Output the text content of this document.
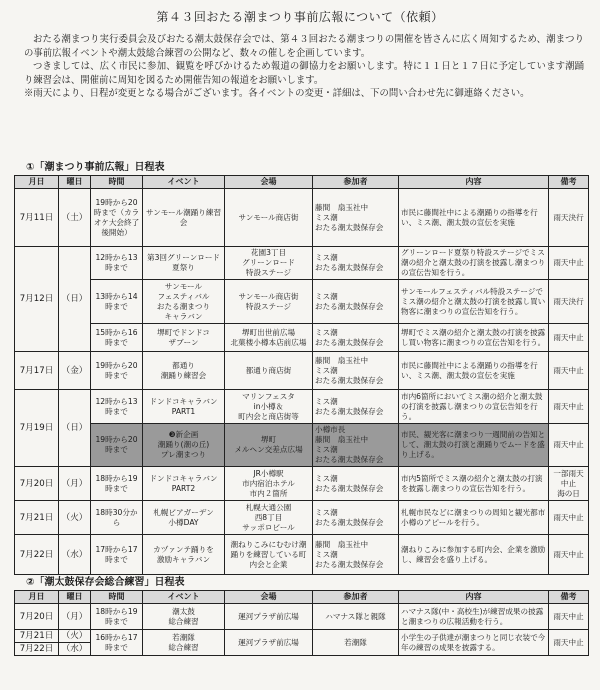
第４３回おたる潮まつり事前広報について（依頼）

おたる潮まつり実行委員会及びおたる潮太鼓保存会では、第４３回おたる潮まつりの開催を皆さんに広く周知するため、潮まつりの事前広報イベントや潮太鼓総合練習の公開など、数々の催しを企画しています。

つきましては、広く市民に参加、観覧を呼びかけるため報道の御協力をお願いします。特に１１日と１７日に予定しています潮踊り練習会は、開催前に周知を図るため開催告知の報道をお願いします。

※雨天により、日程が変更となる場合がございます。各イベントの変更・詳細は、下の問い合わせ先に御連絡ください。

①「潮まつり事前広報」日程表
月日	曜日	時間	イベント	会場	参加者	内容	備考
7月11日	（土）	19時から20時まで（カラオケ大会終了後開始）	サンモール潮踊り練習会	サンモール商店街	藤間　扇玉社中
ミス潮
おたる潮太鼓保存会	市民に藤間社中による潮踊りの指導を行い、ミス潮、潮太鼓の宣伝を実施	雨天決行
7月12日	（日）	12時から13時まで	第3回グリーンロード夏祭り	花園3丁目
グリーンロード
特設ステージ	ミス潮
おたる潮太鼓保存会	グリーンロード夏祭り特設ステージでミス潮の紹介と潮太鼓の打演を披露し潮まつりの宣伝告知を行う。	雨天中止
		13時から14時まで	サンモール
フェスティバル
おたる潮まつり
キャラバン	サンモール商店街
特設ステージ	ミス潮
おたる潮太鼓保存会	サンモールフェスティバル特設ステージでミス潮の紹介と潮太鼓の打演を披露し買い物客に潮まつりの宣伝告知を行う。	雨天決行
		15時から16時まで	堺町でドンドコ
ザブーン	堺町出世前広場
北菓楼小樽本店前広場	ミス潮
おたる潮太鼓保存会	堺町でミス潮の紹介と潮太鼓の打演を披露し買い物客に潮まつりの宣伝告知を行う。	雨天中止
7月17日	（金）	19時から20時まで	都通り
潮踊り練習会	都通り商店街	藤間　扇玉社中
ミス潮
おたる潮太鼓保存会	市民に藤間社中による潮踊りの指導を行い、ミス潮、潮太鼓の宣伝を実施	雨天中止
7月19日	（日）	12時から13時まで	ドンドコキャラバン
PART1	マリンフェスタ
in小樽＆
町内会と商店街等	ミス潮
おたる潮太鼓保存会	市内6箇所においてミス潮の紹介と潮太鼓の打演を披露し潮まつりの宣伝告知を行う。	雨天中止
		19時から20時まで	❸新企画
潮踊り(潮の丘)
プレ潮まつり	堺町
メルヘン交差点広場	小樽市長
藤間　扇玉社中
ミス潮
おたる潮太鼓保存会	市民、観光客に潮まつり一週間前の告知として、潮太鼓の打演と潮踊りでムードを盛り上げる。	雨天中止
7月20日	（月）	18時から19時まで	ドンドコキャラバン
PART2	JR小樽駅
市内宿泊ホテル
市内２箇所	ミス潮
おたる潮太鼓保存会	市内5箇所でミス潮の紹介と潮太鼓の打演を披露し潮まつりの宣伝告知を行う。	一部雨天中止
海の日
7月21日	（火）	18時30分から	札幌ビアガーデン
小樽DAY	札幌大通公園
西8丁目
サッポロビール	ミス潮
おたる潮太鼓保存会	札幌市民などに潮まつりの周知と観光都市小樽のアピールを行う。	雨天中止
7月22日	（水）	17時から17時まで	カヅァンテ踊りを
激励キャラバン	潮ねりこみにむむけ潮踊りを練習している町内会と企業	藤間　扇玉社中
ミス潮
おたる潮太鼓保存会	潮ねりこみに参加する町内会、企業を激励し、練習会を盛り上げる。	雨天中止
②「潮太鼓保存会総合練習」日程表
月日	曜日	時間	イベント	会場	参加者	内容	備考
7月20日	（月）	18時から19時まで	潮太鼓
総合練習	運河プラザ前広場	ハマナス隊と親隊	ハマナス隊(中・高校生)が練習成果の披露と潮まつりの広報活動を行う。	雨天中止
7月21日	（火）	16時から17時まで	若潮隊
総合練習	運河プラザ前広場	若潮隊	小学生の子供達が潮まつりと同じ衣装で今年の練習の成果を披露する。	雨天中止
7月22日	（水）						
